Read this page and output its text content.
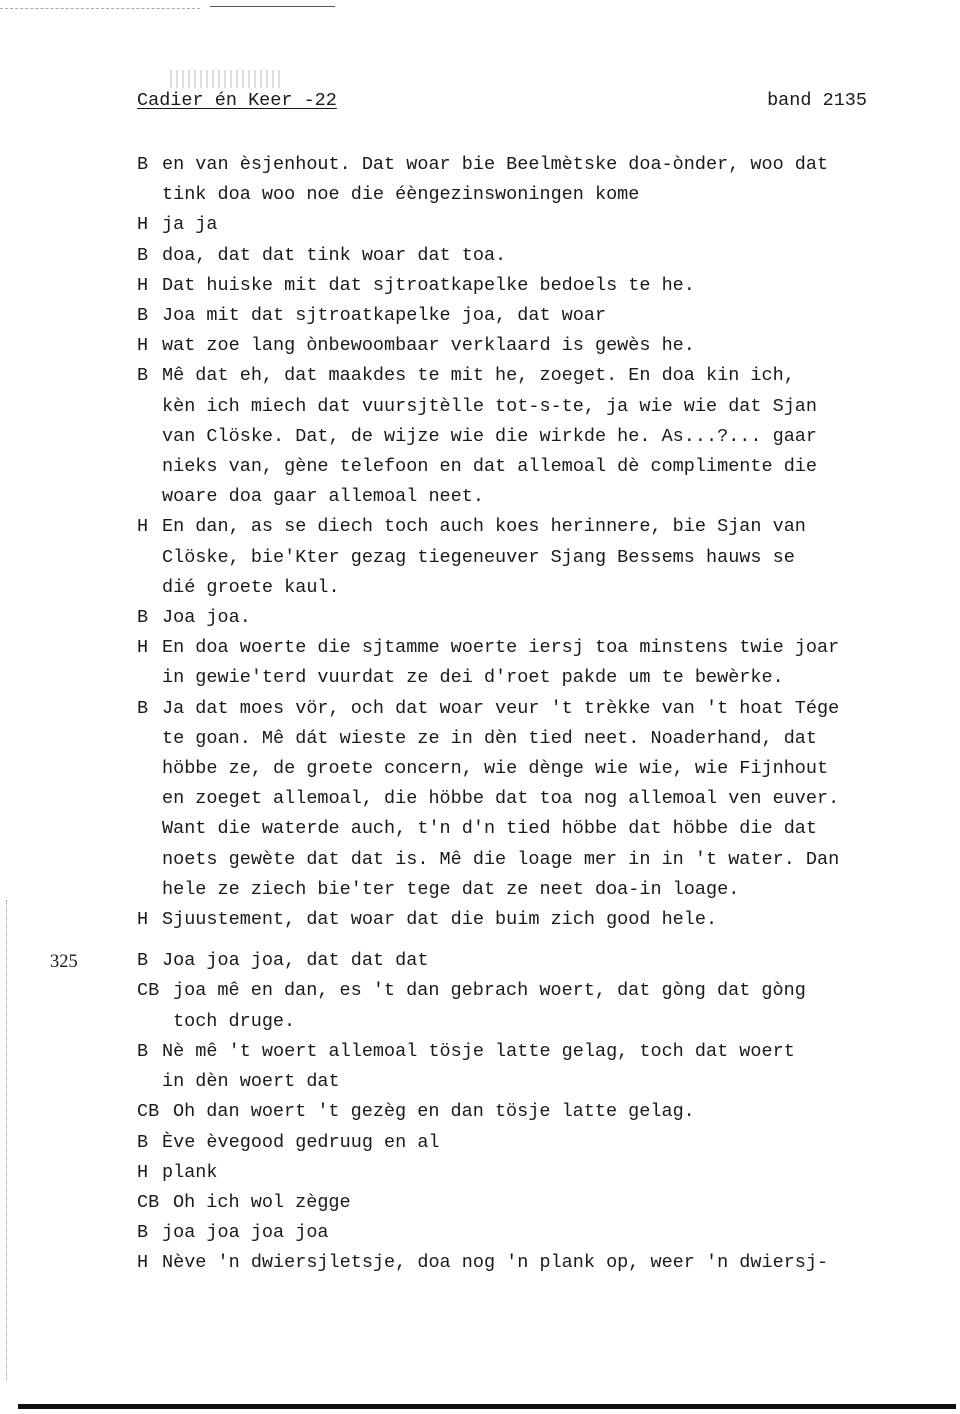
Cadier én Keer -22	band 2135
325
B en van èsjenhout. Dat woar bie Beelmètske doa-ònder, woo dat
tink doa woo noe die éèngezinswoningen kome
H ja ja
B doa, dat dat tink woar dat toa.
H Dat huiske mit dat sjtroatkapelke bedoels te he.
B Joa mit dat sjtroatkapelke joa, dat woar
H wat zoe lang ònbewoombaar verklaard is gewès he.
B Mê dat eh, dat maakdes te mit he, zoeget. En doa kin ich,
kèn ich miech dat vuursjtèlle tot-s-te, ja wie wie dat Sjan
van Clöske. Dat, de wijze wie die wirkde he. As...?... gaar
nieks van, gène telefoon en dat allemoal dè complimente die
woare doa gaar allemoal neet.
H En dan, as se diech toch auch koes herinnere, bie Sjan van
Clöske, bie'Kter gezag tiegeneuver Sjang Bessems hauws se
dié groete kaul.
B Joa joa.
H En doa woerte die sjtamme woerte iersj toa minstens twie joar
in gewie'terd vuurdat ze dei d'roet pakde um te bewèrke.
B Ja dat moes vör, och dat woar veur 't trèkke van 't hoat Tége
te goan. Mê dát wieste ze in dèn tied neet. Noaderhand, dat
höbbe ze, de groete concern, wie dènge wie wie, wie Fijnhout
en zoeget allemoal, die höbbe dat toa nog allemoal ven euver.
Want die waterde auch, t'n d'n tied höbbe dat höbbe die dat
noets gewète dat dat is. Mê die loage mer in in 't water. Dan
hele ze ziech bie'ter tege dat ze neet doa-in loage.
H Sjuustement, dat woar dat die buim zich good hele.
B Joa joa joa, dat dat dat
CB joa mê en dan, es 't dan gebrach woert, dat gòng dat gòng
toch druge.
B Nè mê 't woert allemoal tösje latte gelag, toch dat woert
in dèn woert dat
CB Oh dan woert 't gezèg en dan tösje latte gelag.
B Ève èvegood gedruug en al
H plank
CB Oh ich wol zègge
B joa joa joa joa
H Nève 'n dwiersjletsje, doa nog 'n plank op, weer 'n dwiersj-
